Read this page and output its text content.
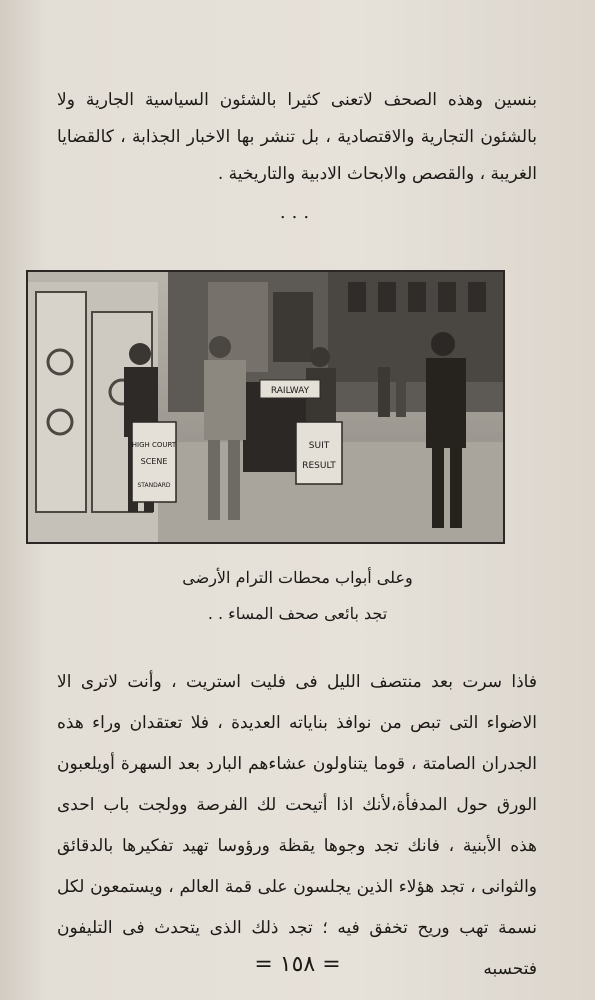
بنسين وهذه الصحف لاتعنى كثيرا بالشئون السياسية الجارية ولا بالشئون التجارية والاقتصادية ، بل تنشر بها الاخبار الجذابة ، كالقضايا الغريبة ، والقصص والابحاث الادبية والتاريخية .
...
HIGH COURT
SCENE
STANDARD
RAILWAY
SUIT
RESULT
وعلى أبواب محطات الترام الأرضى
تجد بائعى صحف المساء . .
فاذا سرت بعد منتصف الليل فى فليت استريت ، وأنت لاترى الا الاضواء التى تبص من نوافذ بناياته العديدة ، فلا تعتقدان وراء هذه الجدران الصامتة ، قوما يتناولون عشاءهم البارد بعد السهرة أويلعبون الورق حول المدفأة،لأنك اذا أتيحت لك الفرصة وولجت باب احدى هذه الأبنية ، فانك تجد وجوها يقظة ورؤوسا تهيد تفكيرها بالدقائق والثوانى ، تجد هؤلاء الذين يجلسون على قمة العالم ، ويستمعون لكل نسمة تهب وريح تخفق فيه ؛ تجد ذلك الذى يتحدث فى التليفون فتحسبه
= ١٥٨ =
